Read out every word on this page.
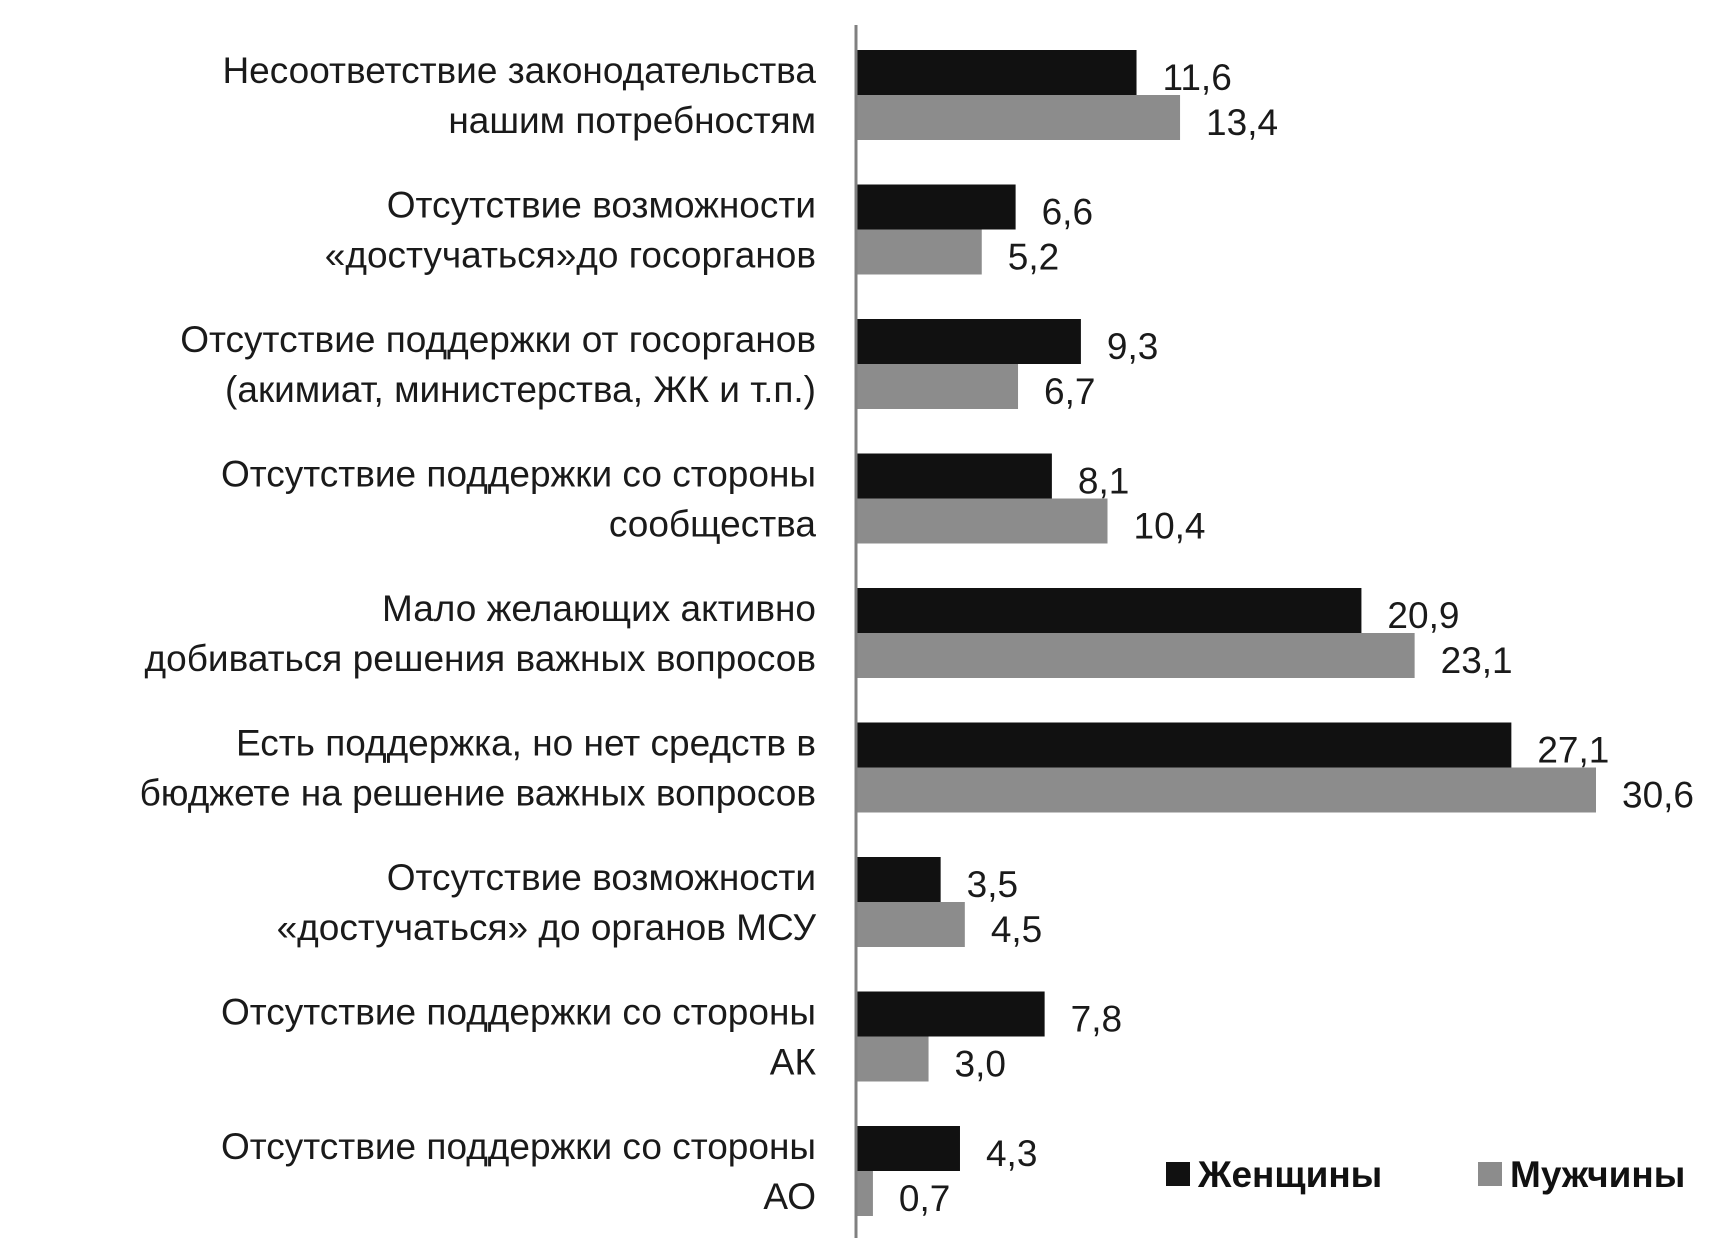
Несоответствие законодательства нашим потребностям
Отсутствие возможности «достучаться»до госорганов
Отсутствие поддержки от госорганов (акимиат, министерства, ЖК и т.п.)
Отсутствие поддержки со стороны сообщества
Мало желающих активно добиваться решения важных вопросов
Есть поддержка, но нет средств в бюджете на решение важных вопросов
Отсутствие возможности «достучаться» до органов МСУ
Отсутствие поддержки со стороны АК
Отсутствие поддержки со стороны АО
11,6
13,4
6,6
5,2
9,3
6,7
8,1
10,4
20,9
23,1
27,1
30,6
3,5
4,5
7,8
3,0
4,3
0,7
Женщины	Мужчины
